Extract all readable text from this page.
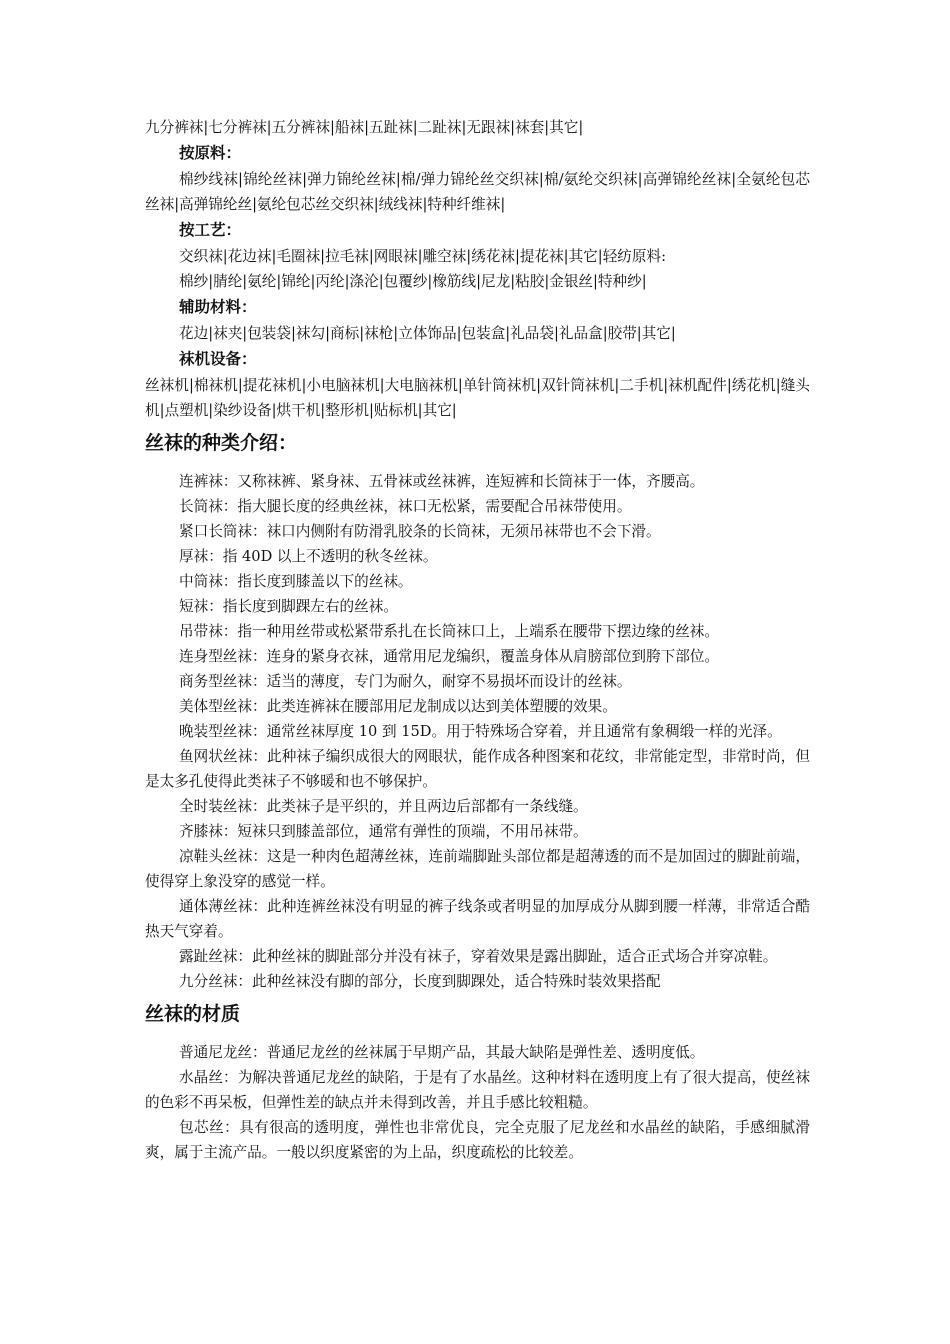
九分裤袜|七分裤袜|五分裤袜|船袜|五趾袜|二趾袜|无跟袜|袜套|其它|

按原料：

棉纱线袜|锦纶丝袜|弹力锦纶丝袜|棉/弹力锦纶丝交织袜|棉/氨纶交织袜|高弹锦纶丝袜|全氨纶包芯丝袜|高弹锦纶丝|氨纶包芯丝交织袜|绒线袜|特种纤维袜|

按工艺：

交织袜|花边袜|毛圈袜|拉毛袜|网眼袜|雕空袜|绣花袜|提花袜|其它|轻纺原料:

棉纱|腈纶|氨纶|锦纶|丙纶|涤沦|包覆纱|橡筋线|尼龙|粘胶|金银丝|特种纱|

辅助材料：

花边|袜夹|包装袋|袜勾|商标|袜枪|立体饰品|包装盒|礼品袋|礼品盒|胶带|其它|

袜机设备：

丝袜机|棉袜机|提花袜机|小电脑袜机|大电脑袜机|单针筒袜机|双针筒袜机|二手机|袜机配件|绣花机|缝头机|点塑机|染纱设备|烘干机|整形机|贴标机|其它|

丝袜的种类介绍：

连裤袜：又称袜裤、紧身袜、五骨袜或丝袜裤，连短裤和长筒袜于一体，齐腰高。

长筒袜：指大腿长度的经典丝袜，袜口无松紧，需要配合吊袜带使用。

紧口长筒袜：袜口内侧附有防滑乳胶条的长筒袜，无须吊袜带也不会下滑。

厚袜：指 40D 以上不透明的秋冬丝袜。

中筒袜：指长度到膝盖以下的丝袜。

短袜：指长度到脚踝左右的丝袜。

吊带袜：指一种用丝带或松紧带系扎在长筒袜口上，上端系在腰带下摆边缘的丝袜。

连身型丝袜：连身的紧身衣袜，通常用尼龙编织，覆盖身体从肩膀部位到胯下部位。

商务型丝袜：适当的薄度，专门为耐久，耐穿不易损坏而设计的丝袜。

美体型丝袜：此类连裤袜在腰部用尼龙制成以达到美体塑腰的效果。

晚装型丝袜：通常丝袜厚度 10 到 15D。用于特殊场合穿着，并且通常有象稠缎一样的光泽。

鱼网状丝袜：此种袜子编织成很大的网眼状，能作成各种图案和花纹，非常能定型，非常时尚，但是太多孔使得此类袜子不够暖和也不够保护。

全时装丝袜：此类袜子是平织的，并且两边后部都有一条线缝。

齐膝袜：短袜只到膝盖部位，通常有弹性的顶端，不用吊袜带。

凉鞋头丝袜：这是一种肉色超薄丝袜，连前端脚趾头部位都是超薄透的而不是加固过的脚趾前端，使得穿上象没穿的感觉一样。

通体薄丝袜：此种连裤丝袜没有明显的裤子线条或者明显的加厚成分从脚到腰一样薄，非常适合酷热天气穿着。

露趾丝袜：此种丝袜的脚趾部分并没有袜子，穿着效果是露出脚趾，适合正式场合并穿凉鞋。

九分丝袜：此种丝袜没有脚的部分，长度到脚踝处，适合特殊时装效果搭配

丝袜的材质

普通尼龙丝：普通尼龙丝的丝袜属于早期产品，其最大缺陷是弹性差、透明度低。

水晶丝：为解决普通尼龙丝的缺陷，于是有了水晶丝。这种材料在透明度上有了很大提高，使丝袜的色彩不再呆板，但弹性差的缺点并未得到改善，并且手感比较粗糙。

包芯丝：具有很高的透明度，弹性也非常优良，完全克服了尼龙丝和水晶丝的缺陷，手感细腻滑爽，属于主流产品。一般以织度紧密的为上品，织度疏松的比较差。
